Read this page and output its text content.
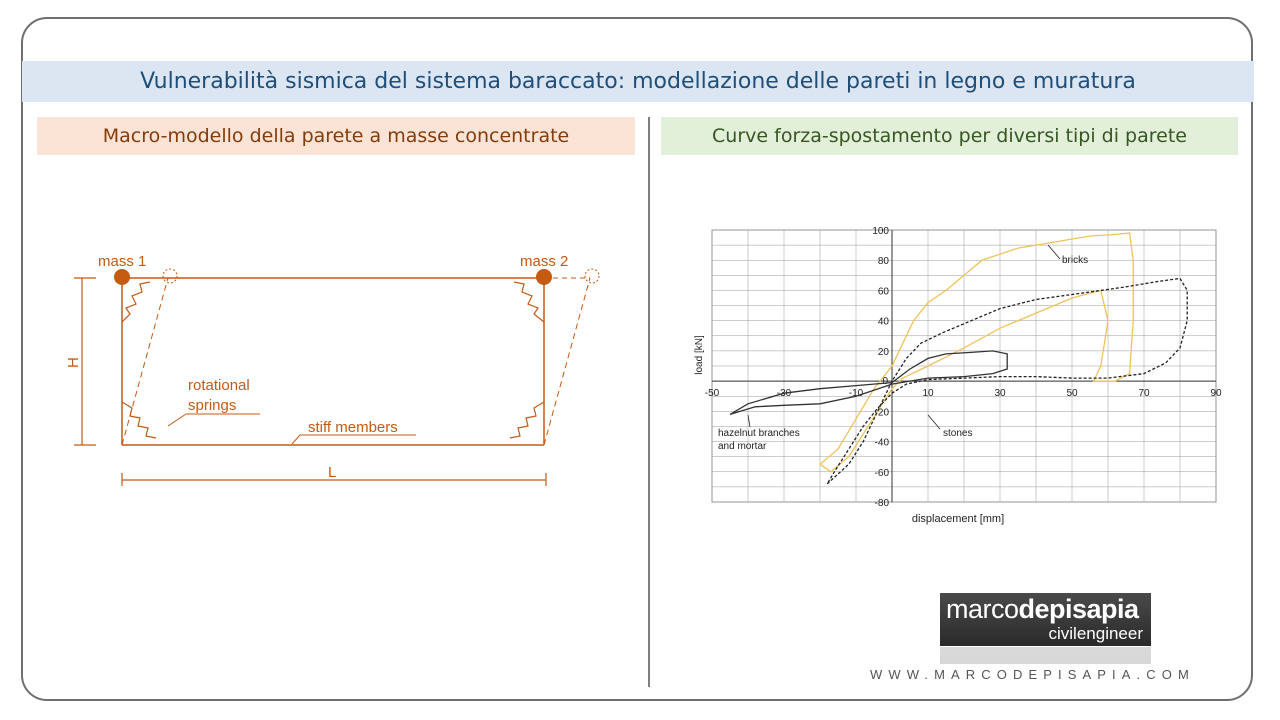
Vulnerabilità sismica del sistema baraccato: modellazione delle pareti in legno e muratura
Macro-modello della parete a masse concentrate	Curve forza-spostamento per diversi tipi di parete
mass 1	mass 2
H
L
rotational
springs
stiff members
-50	-30	-10	10	30	50	70	90
100
80
60
40
20
0
-20
-40
-60
-80
displacement [mm]
load [kN]
bricks
stones
hazelnut branches
and mortar
marcodepisapia
civilengineer
WWW.MARCODEPISAPIA.COM
